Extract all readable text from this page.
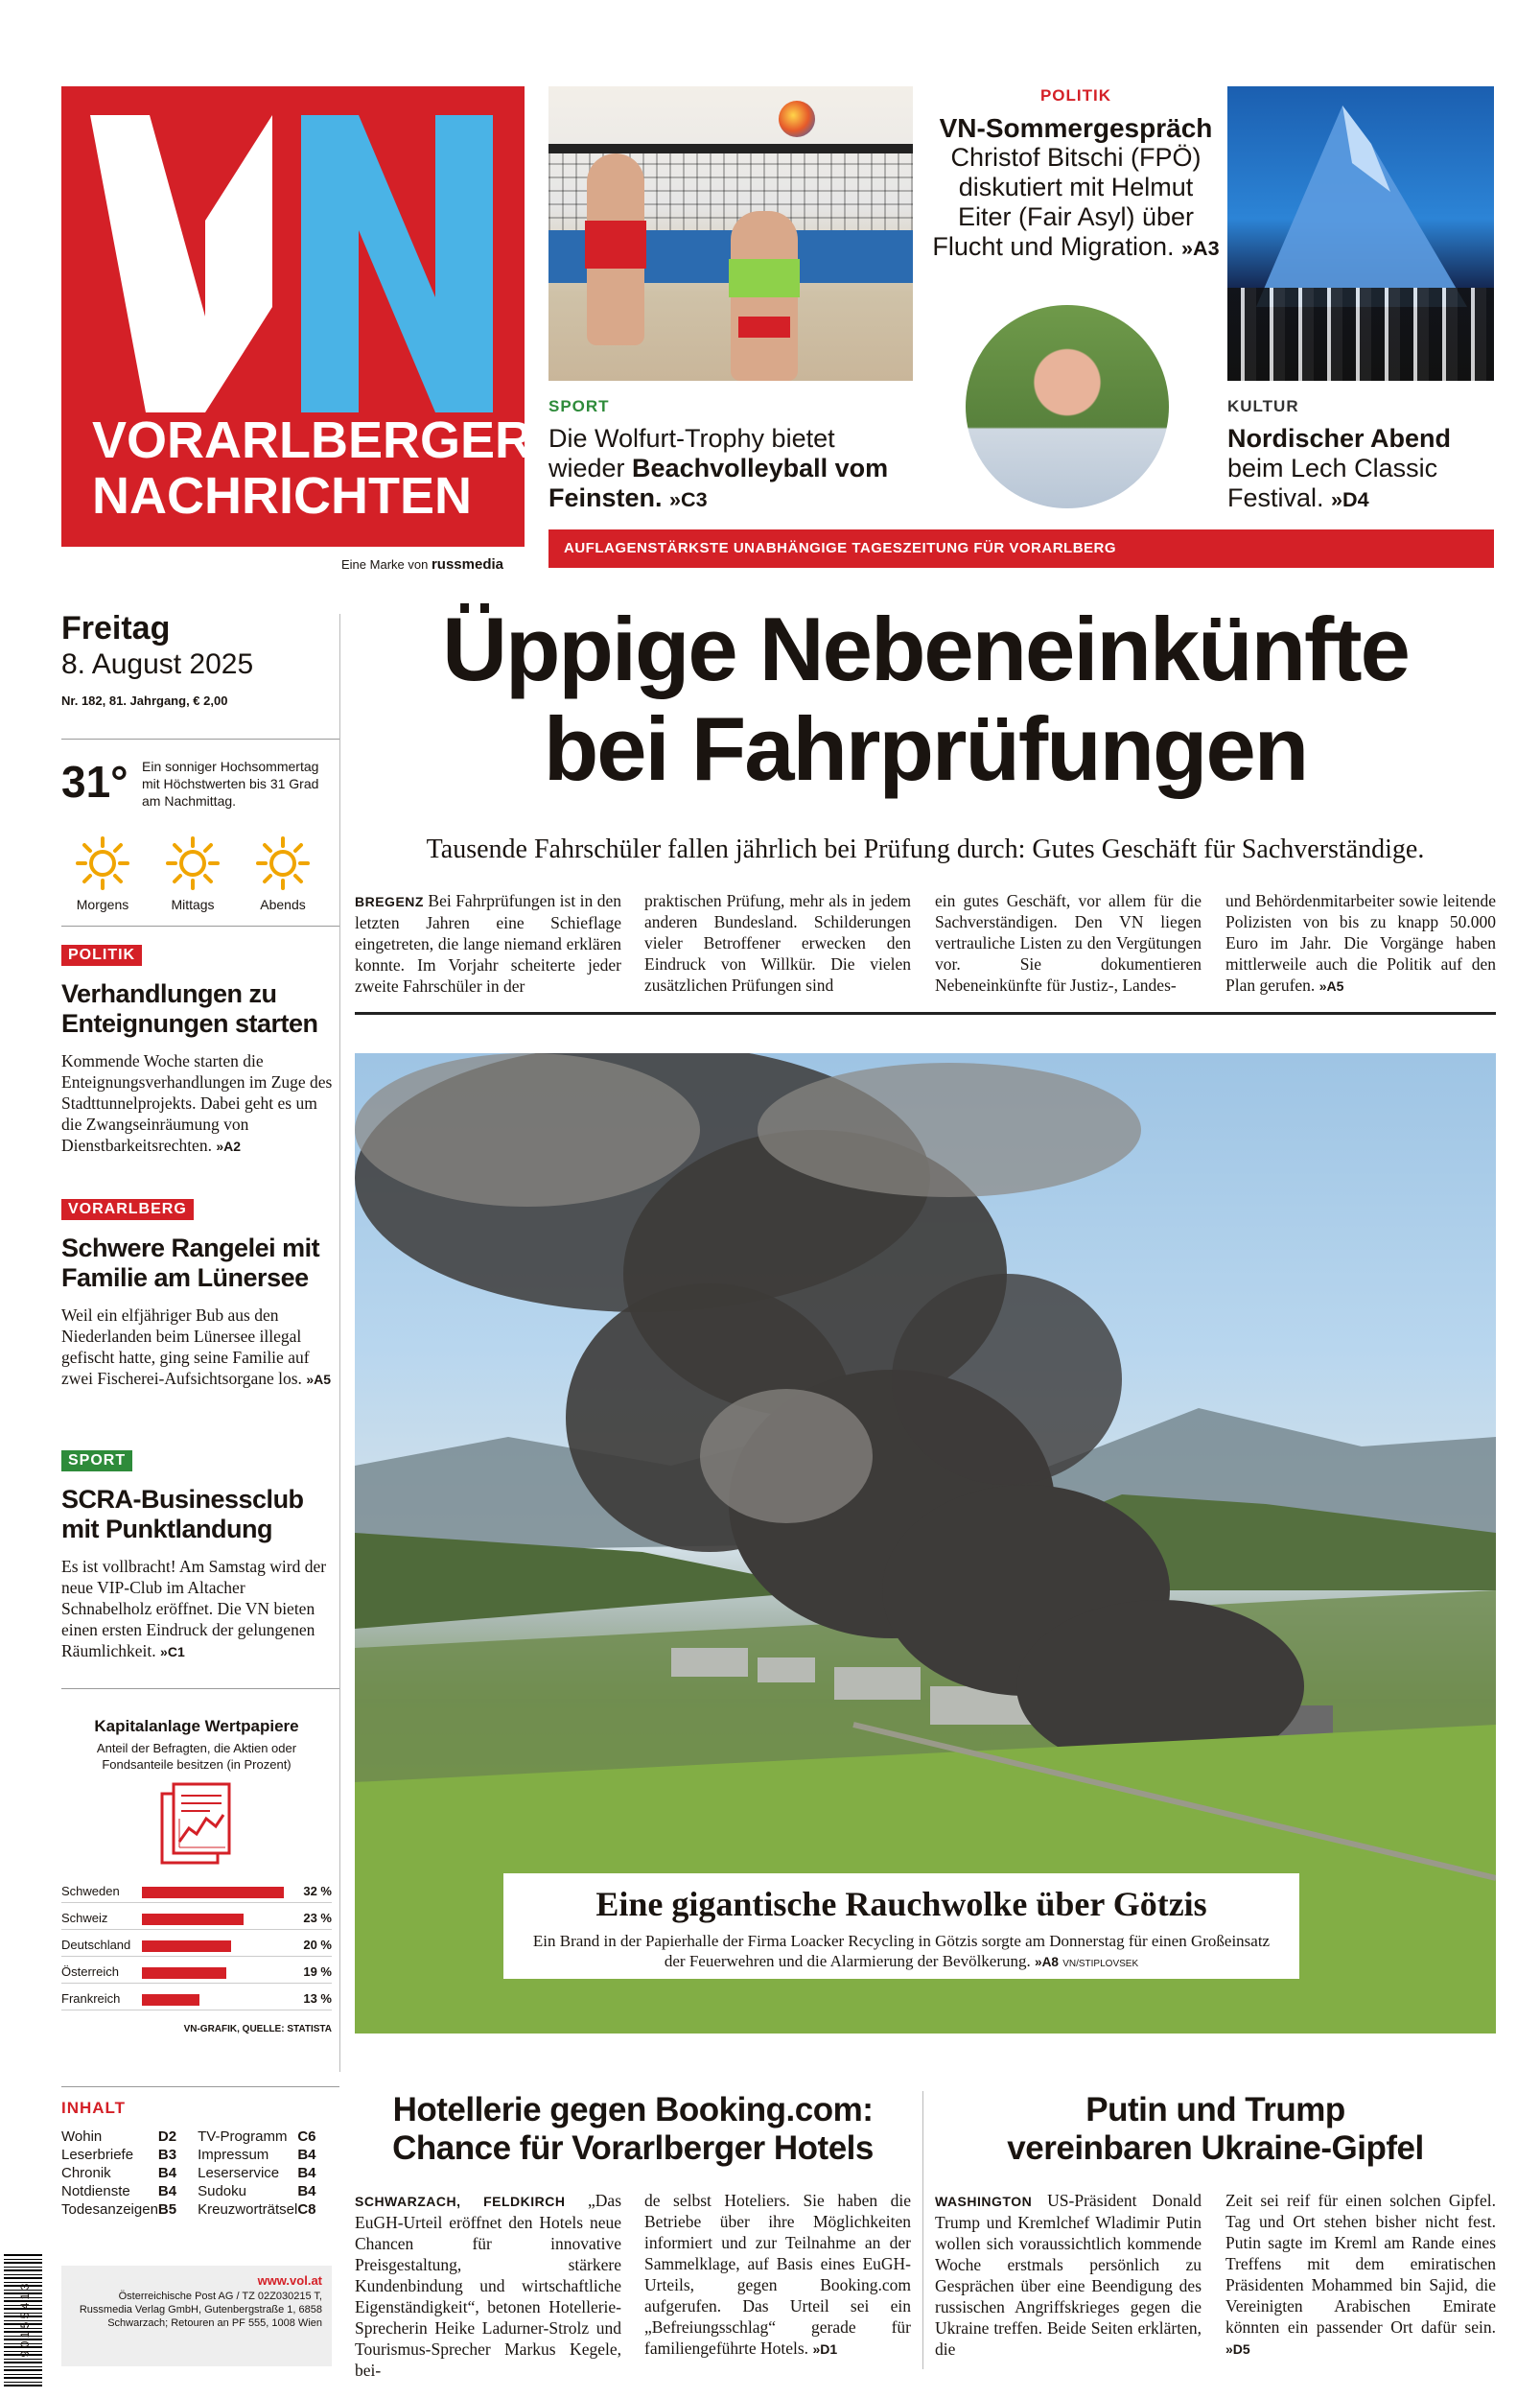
VORARLBERGER
NACHRICHTEN
Eine Marke von russmedia
SPORT
Die Wolfurt-Trophy bietet wieder Beachvolleyball vom Feinsten. »C3
POLITIK
VN-Sommergespräch
Christof Bitschi (FPÖ) diskutiert mit Helmut Eiter (Fair Asyl) über Flucht und Migration. »A3
KULTUR
Nordischer Abend
beim Lech Classic Festival. »D4
AUFLAGENSTÄRKSTE UNABHÄNGIGE TAGESZEITUNG FÜR VORARLBERG
Freitag
8. August 2025
Nr. 182, 81. Jahrgang, € 2,00
31° Ein sonniger Hochsommertag mit Höchstwerten bis 31 Grad am Nachmittag.
Morgens	Mittags	Abends
POLITIK
Verhandlungen zu Enteignungen starten
Kommende Woche starten die Enteignungsverhandlungen im Zuge des Stadttunnelprojekts. Dabei geht es um die Zwangseinräumung von Dienstbarkeitsrechten. »A2
VORARLBERG
Schwere Rangelei mit Familie am Lünersee
Weil ein elfjähriger Bub aus den Niederlanden beim Lünersee illegal gefischt hatte, ging seine Familie auf zwei Fischerei-Aufsichtsorgane los. »A5
SPORT
SCRA-Businessclub mit Punktlandung
Es ist vollbracht! Am Samstag wird der neue VIP-Club im Altacher Schnabelholz eröffnet. Die VN bieten einen ersten Eindruck der gelungenen Räumlichkeit. »C1
Kapitalanlage Wertpapiere
Anteil der Befragten, die Aktien oder Fondsanteile besitzen (in Prozent)
Schweden	32 %
Schweiz	23 %
Deutschland	20 %
Österreich	19 %
Frankreich	13 %
VN-GRAFIK, QUELLE: STATISTA
INHALT
Wohin	D2	TV-Programm	C6
Leserbriefe	B3	Impressum	B4
Chronik	B4	Leserservice	B4
Notdienste	B4	Sudoku	B4
Todesanzeigen	B5	Kreuzworträtsel	C8
9 0 1 5 5 4 1 3
www.vol.at
Österreichische Post AG / TZ 02Z030215 T, Russmedia Verlag GmbH, Gutenbergstraße 1, 6858 Schwarzach; Retouren an PF 555, 1008 Wien
Üppige Nebeneinkünfte
bei Fahrprüfungen
Tausende Fahrschüler fallen jährlich bei Prüfung durch: Gutes Geschäft für Sachverständige.
BREGENZ Bei Fahrprüfungen ist in den letzten Jahren eine Schieflage eingetreten, die lange niemand erklären konnte. Im Vorjahr scheiterte jeder zweite Fahrschüler in der
praktischen Prüfung, mehr als in jedem anderen Bundesland. Schilderungen vieler Betroffener erwecken den Eindruck von Willkür. Die vielen zusätzlichen Prüfungen sind
ein gutes Geschäft, vor allem für die Sachverständigen. Den VN liegen vertrauliche Listen zu den Vergütungen vor. Sie dokumentieren Nebeneinkünfte für Justiz-, Landes-
und Behördenmitarbeiter sowie leitende Polizisten von bis zu knapp 50.000 Euro im Jahr. Die Vorgänge haben mittlerweile auch die Politik auf den Plan gerufen. »A5
Eine gigantische Rauchwolke über Götzis
Ein Brand in der Papierhalle der Firma Loacker Recycling in Götzis sorgte am Donnerstag für einen Großeinsatz der Feuerwehren und die Alarmierung der Bevölkerung. »A8 VN/STIPLOVSEK
Hotellerie gegen Booking.com:
Chance für Vorarlberger Hotels
SCHWARZACH, FELDKIRCH „Das EuGH-Urteil eröffnet den Hotels neue Chancen für innovative Preisgestaltung, stärkere Kundenbindung und wirtschaftliche Eigenständigkeit“, betonen Hotellerie-Sprecherin Heike Ladurner-Strolz und Tourismus-Sprecher Markus Kegele, bei-
de selbst Hoteliers. Sie haben die Betriebe über ihre Möglichkeiten informiert und zur Teilnahme an der Sammelklage, auf Basis eines EuGH-Urteils, gegen Booking.com aufgerufen. Das Urteil sei ein „Befreiungsschlag“ gerade für familiengeführte Hotels. »D1
Putin und Trump
vereinbaren Ukraine-Gipfel
WASHINGTON US-Präsident Donald Trump und Kremlchef Wladimir Putin wollen sich voraussichtlich kommende Woche erstmals persönlich zu Gesprächen über eine Beendigung des russischen Angriffskrieges gegen die Ukraine treffen. Beide Seiten erklärten, die
Zeit sei reif für einen solchen Gipfel. Tag und Ort stehen bisher nicht fest. Putin sagte im Kreml am Rande eines Treffens mit dem emiratischen Präsidenten Mohammed bin Sajid, die Vereinigten Arabischen Emirate könnten ein passender Ort dafür sein. »D5
